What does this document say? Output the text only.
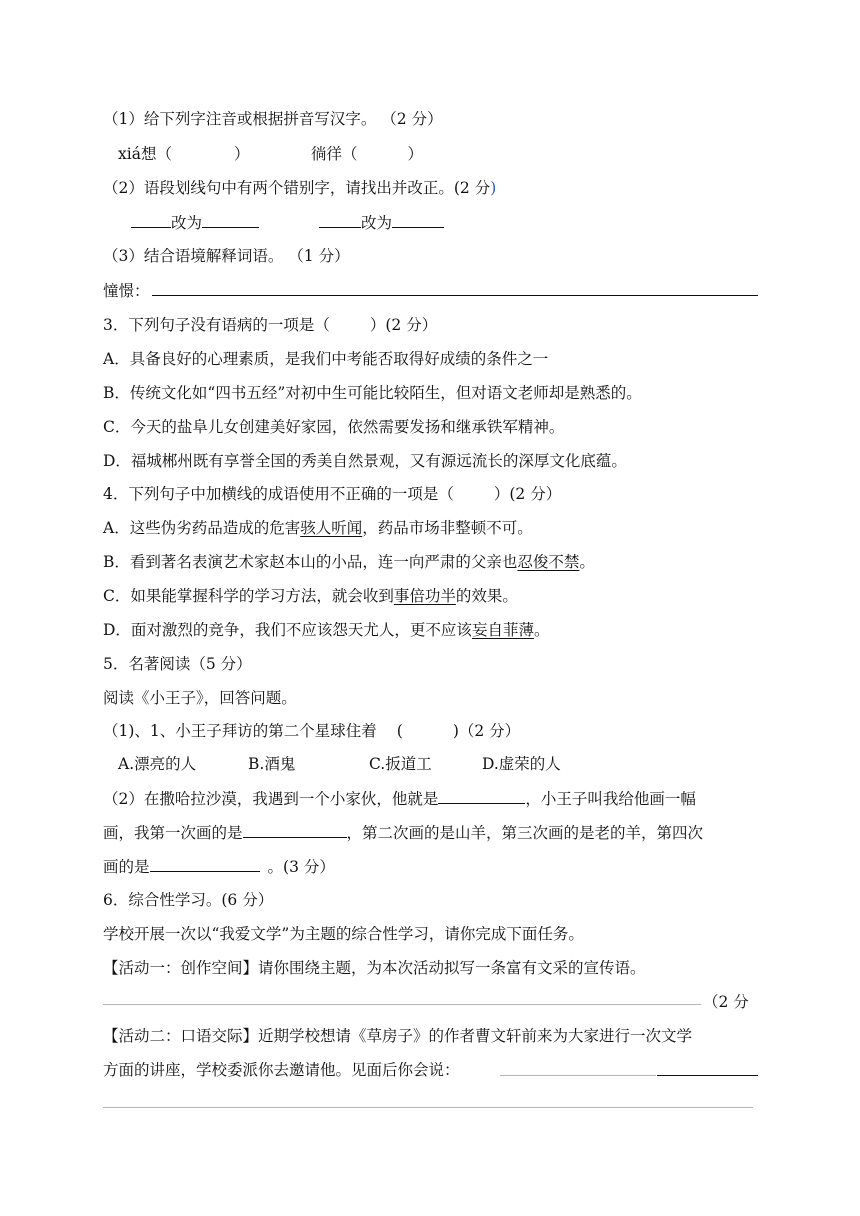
（1）给下列字注音或根据拼音写汉字。 （2 分）
xiá想（	）	徜徉（	）
（2）语段划线句中有两个错别字，请找出并改正。(2 分)
改为	改为
（3）结合语境解释词语。 （1 分）
憧憬：
3．下列句子没有语病的一项是（	）(2 分）
A．具备良好的心理素质，是我们中考能否取得好成绩的条件之一
B．传统文化如“四书五经”对初中生可能比较陌生，但对语文老师却是熟悉的。
C．今天的盐阜儿女创建美好家园，依然需要发扬和继承铁军精神。
D．福城郴州既有享誉全国的秀美自然景观，又有源远流长的深厚文化底蕴。
4．下列句子中加横线的成语使用不正确的一项是（	）(2 分）
A．这些伪劣药品造成的危害骇人听闻，药品市场非整顿不可。
B．看到著名表演艺术家赵本山的小品，连一向严肃的父亲也忍俊不禁。
C．如果能掌握科学的学习方法，就会收到事倍功半的效果。
D．面对激烈的竞争，我们不应该怨天尤人，更不应该妄自菲薄。
5．名著阅读（5 分）
阅读《小王子》，回答问题。
（1)、1、小王子拜访的第二个星球住着 (	)（2 分）
A.漂亮的人	B.酒鬼	C.扳道工	D.虚荣的人
（2）在撒哈拉沙漠，我遇到一个小家伙，他就是	，小王子叫我给他画一幅
画，我第一次画的是	，第二次画的是山羊，第三次画的是老的羊，第四次
画的是	。(3 分）
6．综合性学习。(6 分）
学校开展一次以“我爱文学”为主题的综合性学习，请你完成下面任务。
【活动一：创作空间】请你围绕主题，为本次活动拟写一条富有文采的宣传语。
（2 分
【活动二：口语交际】近期学校想请《草房子》的作者曹文轩前来为大家进行一次文学
方面的讲座，学校委派你去邀请他。见面后你会说：
